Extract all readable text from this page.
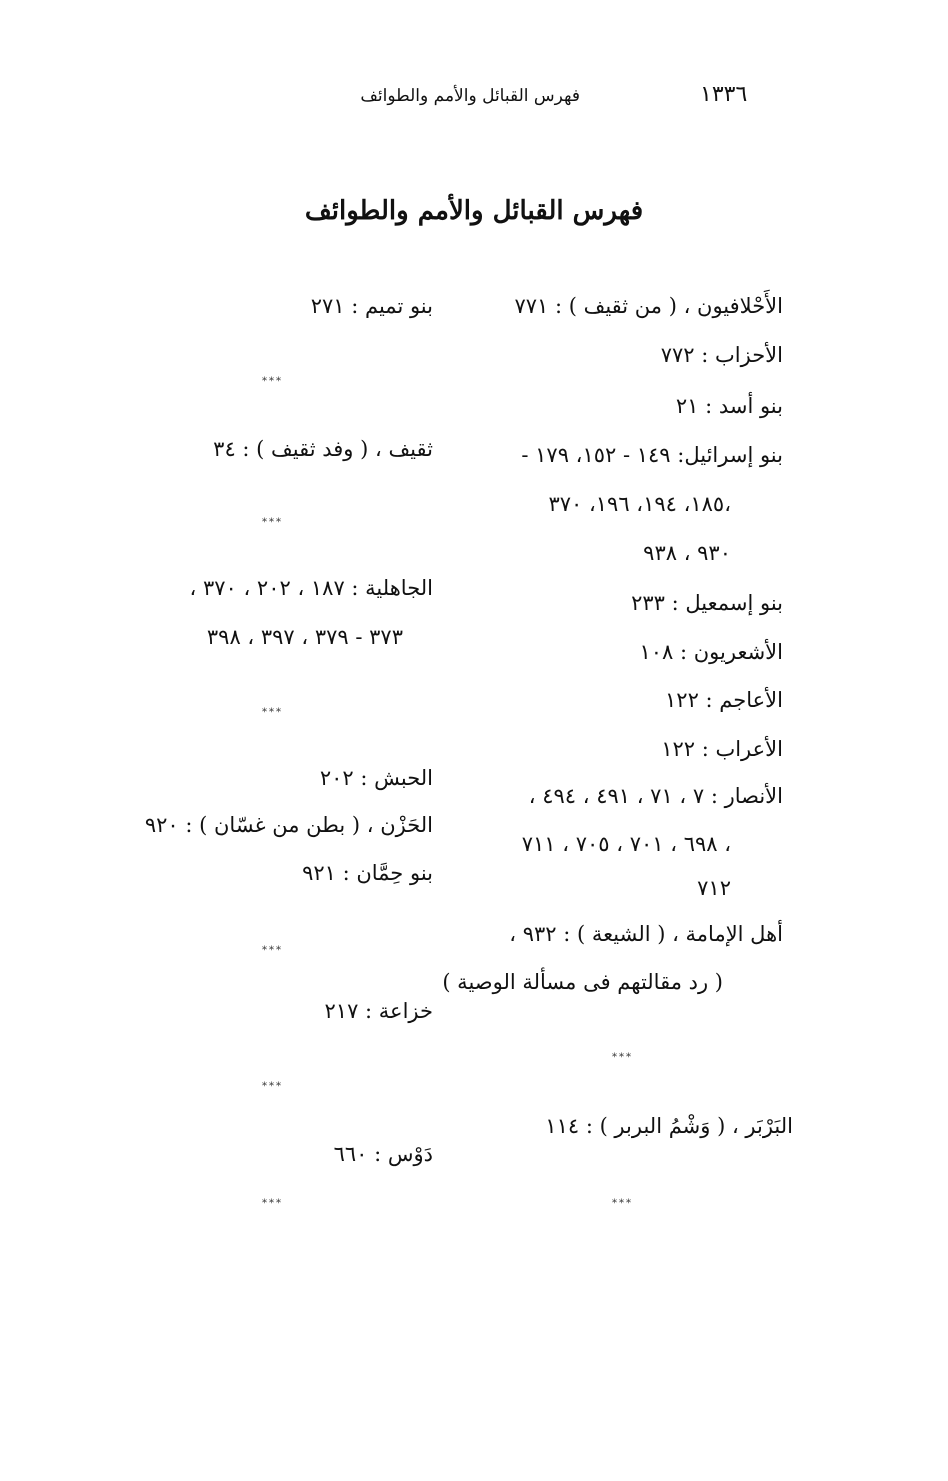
فهرس القبائل والأمم والطوائف	١٣٣٦
فهرس القبائل والأمم والطوائف
الأَحْلافيون ، ( من ثقيف ) : ٧٧١
الأحزاب : ٧٧٢
بنو أسد : ٢١
بنو إسرائيل: ١٤٩ - ١٥٢، ١٧٩ -
١٨٥، ١٩٤، ١٩٦، ٣٧٠،
٩٣٠ ، ٩٣٨
بنو إسمعيل : ٢٣٣
الأشعريون : ١٠٨
الأعاجم : ١٢٢
الأعراب : ١٢٢
الأنصار : ٧ ، ٧١ ، ٤٩١ ، ٤٩٤ ،
٦٩٨ ، ٧٠١ ، ٧٠٥ ، ٧١١ ،
٧١٢
أهل الإمامة ، ( الشيعة ) : ٩٣٢ ،
( رد مقالتهم فى مسألة الوصية )
***
البَرْبَر ، ( وَشْمُ البربر ) : ١١٤
***
بنو تميم : ٢٧١
***
ثقيف ، ( وفد ثقيف ) : ٣٤
***
الجاهلية : ١٨٧ ، ٢٠٢ ، ٣٧٠ ،
٣٧٣ - ٣٧٩ ، ٣٩٧ ، ٣٩٨
***
الحبش : ٢٠٢
الحَزْن ، ( بطن من غسّان ) : ٩٢٠
بنو حِمَّان : ٩٢١
***
خزاعة : ٢١٧
***
دَوْس : ٦٦٠
***
